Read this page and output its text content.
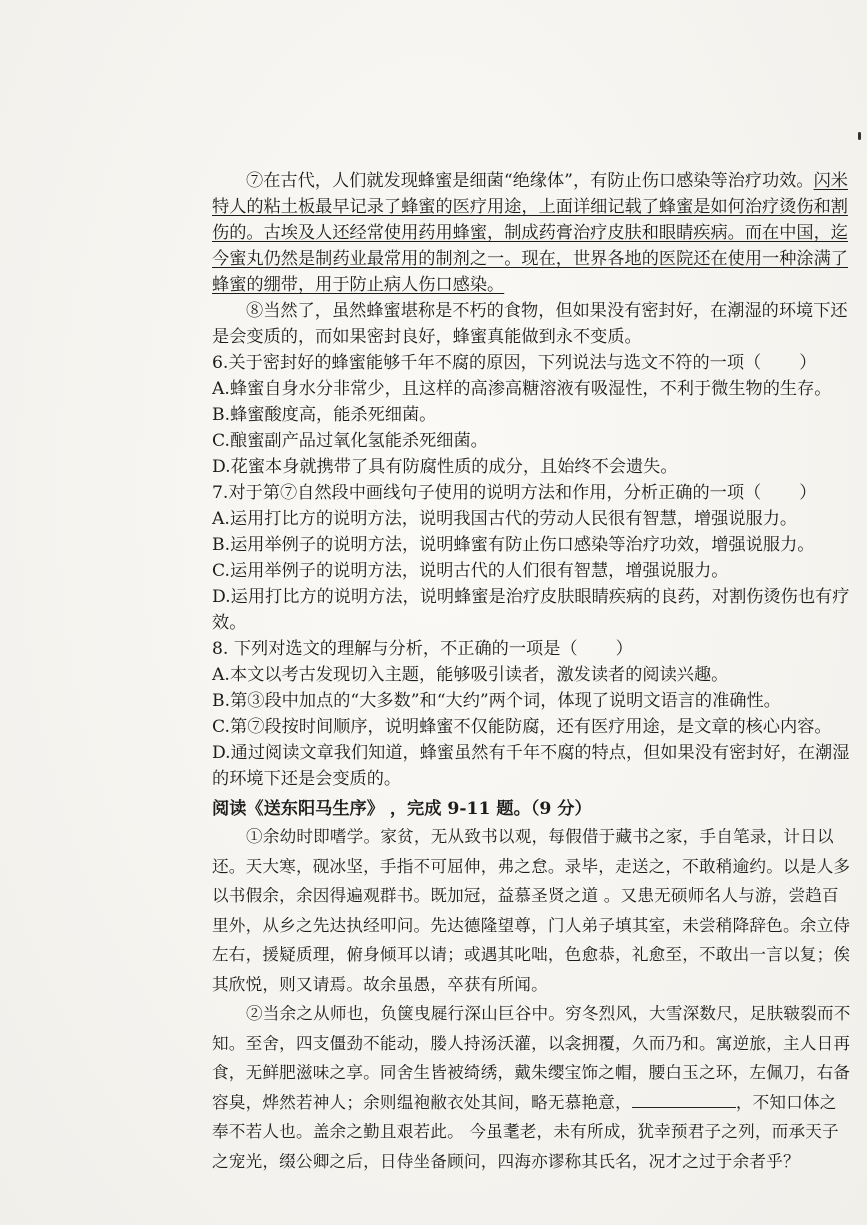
⑦在古代，人们就发现蜂蜜是细菌“绝缘体”，有防止伤口感染等治疗功效。闪米特人的粘土板最早记录了蜂蜜的医疗用途，上面详细记载了蜂蜜是如何治疗烫伤和割伤的。古埃及人还经常使用药用蜂蜜，制成药膏治疗皮肤和眼睛疾病。而在中国，迄今蜜丸仍然是制药业最常用的制剂之一。现在，世界各地的医院还在使用一种涂满了蜂蜜的绷带，用于防止病人伤口感染。

⑧当然了，虽然蜂蜜堪称是不朽的食物，但如果没有密封好，在潮湿的环境下还是会变质的，而如果密封良好，蜂蜜真能做到永不变质。

6.关于密封好的蜂蜜能够千年不腐的原因，下列说法与选文不符的一项（ ）

A.蜂蜜自身水分非常少，且这样的高渗高糖溶液有吸湿性，不利于微生物的生存。

B.蜂蜜酸度高，能杀死细菌。

C.酿蜜副产品过氧化氢能杀死细菌。

D.花蜜本身就携带了具有防腐性质的成分，且始终不会遗失。

7.对于第⑦自然段中画线句子使用的说明方法和作用，分析正确的一项（ ）

A.运用打比方的说明方法，说明我国古代的劳动人民很有智慧，增强说服力。

B.运用举例子的说明方法，说明蜂蜜有防止伤口感染等治疗功效，增强说服力。

C.运用举例子的说明方法，说明古代的人们很有智慧，增强说服力。

D.运用打比方的说明方法，说明蜂蜜是治疗皮肤眼睛疾病的良药，对割伤烫伤也有疗效。

8. 下列对选文的理解与分析，不正确的一项是（ ）

A.本文以考古发现切入主题，能够吸引读者，激发读者的阅读兴趣。

B.第③段中加点的“大多数”和“大约”两个词，体现了说明文语言的准确性。

C.第⑦段按时间顺序，说明蜂蜜不仅能防腐，还有医疗用途，是文章的核心内容。

D.通过阅读文章我们知道，蜂蜜虽然有千年不腐的特点，但如果没有密封好，在潮湿的环境下还是会变质的。

阅读《送东阳马生序》 ，完成 9-11 题。（9 分）

①余幼时即嗜学。家贫，无从致书以观，每假借于藏书之家，手自笔录，计日以还。天大寒，砚冰坚，手指不可屈伸，弗之怠。录毕，走送之，不敢稍逾约。以是人多以书假余，余因得遍观群书。既加冠，益慕圣贤之道 。又患无硕师名人与游，尝趋百里外，从乡之先达执经叩问。先达德隆望尊，门人弟子填其室，未尝稍降辞色。余立侍左右，援疑质理，俯身倾耳以请；或遇其叱咄，色愈恭，礼愈至，不敢出一言以复；俟其欣悦，则又请焉。故余虽愚，卒获有所闻。

②当余之从师也，负箧曳屣行深山巨谷中。穷冬烈风，大雪深数尺，足肤皲裂而不知。至舍，四支僵劲不能动，媵人持汤沃灌，以衾拥覆，久而乃和。寓逆旅，主人日再食，无鲜肥滋味之享。同舍生皆被绮绣，戴朱缨宝饰之帽，腰白玉之环，左佩刀，右备容臭，烨然若神人；余则缊袍敝衣处其间，略无慕艳意，	，不知口体之奉不若人也。盖余之勤且艰若此。 今虽耄老，未有所成，犹幸预君子之列，而承天子之宠光，缀公卿之后，日侍坐备顾问，四海亦谬称其氏名，况才之过于余者乎？
